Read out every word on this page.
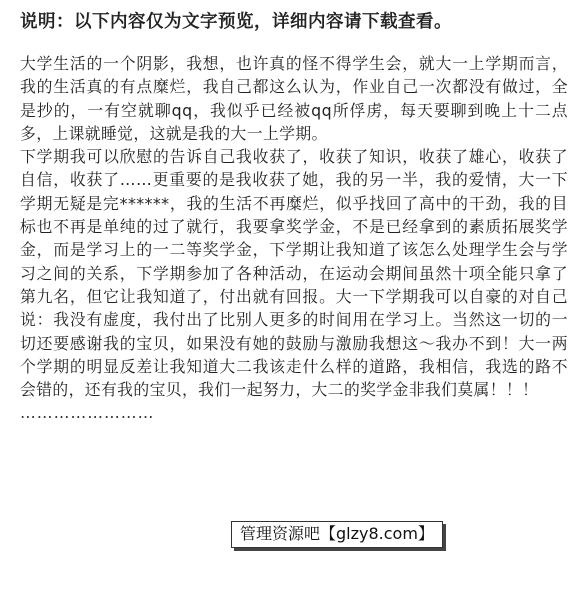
说明：以下内容仅为文字预览，详细内容请下载查看。

大学生活的一个阴影，我想，也许真的怪不得学生会，就大一上学期而言，我的生活真的有点糜烂，我自己都这么认为，作业自己一次都没有做过，全是抄的，一有空就聊qq，我似乎已经被qq所俘虏，每天要聊到晚上十二点多，上课就睡觉，这就是我的大一上学期。

下学期我可以欣慰的告诉自己我收获了，收获了知识，收获了雄心，收获了自信，收获了……更重要的是我收获了她，我的另一半，我的爱情，大一下学期无疑是完******，我的生活不再糜烂，似乎找回了高中的干劲，我的目标也不再是单纯的过了就行，我要拿奖学金，不是已经拿到的素质拓展奖学金，而是学习上的一二等奖学金，下学期让我知道了该怎么处理学生会与学习之间的关系，下学期参加了各种活动，在运动会期间虽然十项全能只拿了第九名，但它让我知道了，付出就有回报。大一下学期我可以自豪的对自己说：我没有虚度，我付出了比别人更多的时间用在学习上。当然这一切的一切还要感谢我的宝贝，如果没有她的鼓励与激励我想这～我办不到！大一两个学期的明显反差让我知道大二我该走什么样的道路，我相信，我选的路不会错的，还有我的宝贝，我们一起努力，大二的奖学金非我们莫属！！！

……………………

管理资源吧【glzy8.com】
